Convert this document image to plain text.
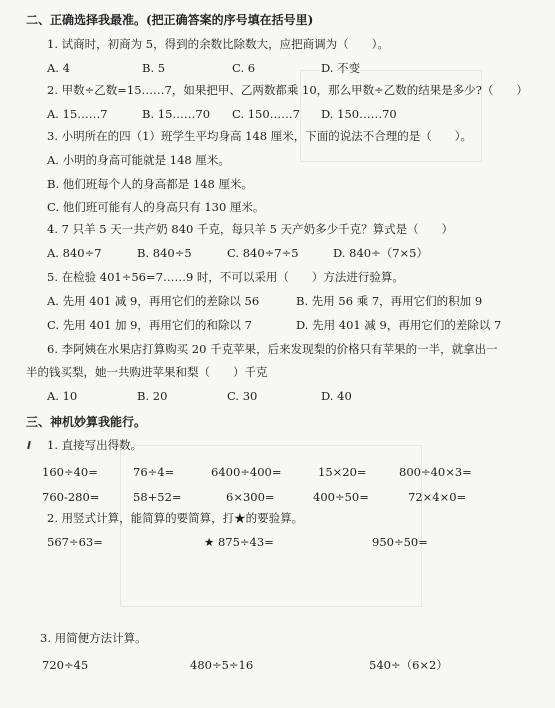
二、正确选择我最准。(把正确答案的序号填在括号里)
1. 试商时，初商为 5，得到的余数比除数大，应把商调为（　　）。
A. 4	B. 5	C. 6	D. 不变
2. 甲数÷乙数=15……7，如果把甲、乙两数都乘 10，那么甲数÷乙数的结果是多少?（　　）
A. 15……7	B. 15……70 C. 150……7 D. 150……70
3. 小明所在的四（1）班学生平均身高 148 厘米，下面的说法不合理的是（　　）。
A. 小明的身高可能就是 148 厘米。
B. 他们班每个人的身高都是 148 厘米。
C. 他们班可能有人的身高只有 130 厘米。
4. 7 只羊 5 天一共产奶 840 千克，每只羊 5 天产奶多少千克？算式是（　　）
A. 840÷7	B. 840÷5	C. 840÷7÷5	D. 840÷（7×5）
5. 在检验 401÷56=7……9 时，不可以采用（　　）方法进行验算。
A. 先用 401 减 9，再用它们的差除以 56	B. 先用 56 乘 7，再用它们的积加 9
C. 先用 401 加 9，再用它们的和除以 7	D. 先用 401 减 9，再用它们的差除以 7
6. 李阿姨在水果店打算购买 20 千克苹果，后来发现梨的价格只有苹果的一半，就拿出一
半的钱买梨，她一共购进苹果和梨（　　）千克
A. 10	B. 20	C. 30	D. 40
三、神机妙算我能行。
1. 直接写出得数。
160÷40=	76÷4=	6400÷400=	15×20=	800÷40×3=
760-280=	58+52=	6×300=	400÷50=	72×4×0=
2. 用竖式计算，能简算的要简算，打★的要验算。
567÷63=	★ 875÷43=	950÷50=
3. 用简便方法计算。
720÷45	480÷5÷16	540÷（6×2）
